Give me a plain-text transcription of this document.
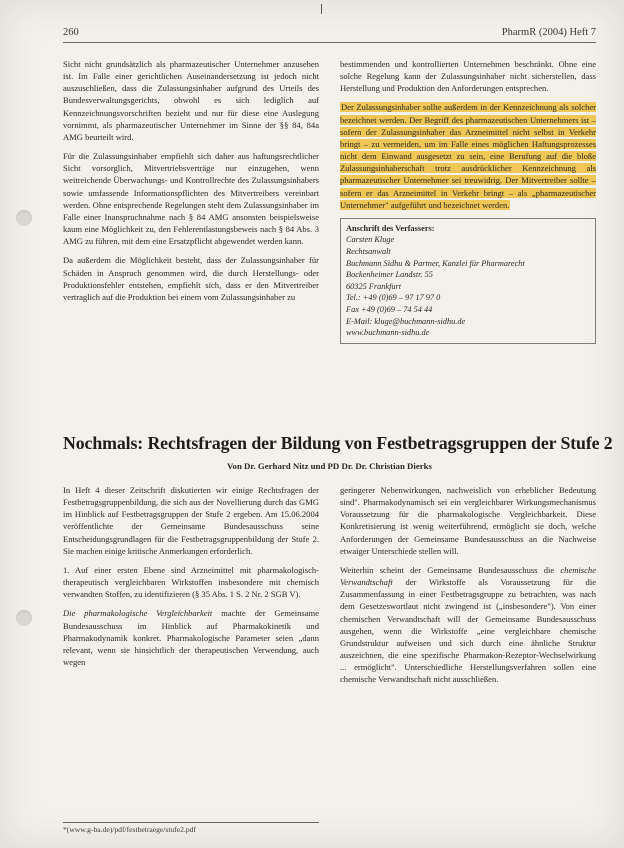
260	PharmR (2004) Heft 7

Sicht nicht grundsätzlich als pharmazeutischer Unternehmer anzusehen ist. Im Falle einer gerichtlichen Auseinandersetzung ist jedoch nicht auszuschließen, dass die Zulassungsinhaber aufgrund des Urteils des Bundesverwaltungsgerichts, obwohl es sich lediglich auf Kennzeichnungsvorschriften bezieht und nur für diese eine Auslegung vornimmt, als pharmazeutischer Unternehmer im Sinne der §§ 84, 84a AMG beurteilt wird.

Für die Zulassungsinhaber empfiehlt sich daher aus haftungsrechtlicher Sicht vorsorglich, Mitvertriebsverträge nur einzugehen, wenn weitreichende Überwachungs- und Kontrollrechte des Zulassungsinhabers sowie umfassende Informationspflichten des Mitvertreibers vereinbart werden. Ohne entsprechende Regelungen steht dem Zulassungsinhaber im Falle einer Inanspruchnahme nach § 84 AMG ansonsten beispielsweise kaum eine Möglichkeit zu, den Fehlerentlastungsbeweis nach § 84 Abs. 3 AMG zu führen, mit dem eine Ersatzpflicht abgewendet werden kann.

Da außerdem die Möglichkeit besteht, dass der Zulassungsinhaber für Schäden in Anspruch genommen wird, die durch Herstellungs- oder Produktionsfehler entstehen, empfiehlt sich, dass er den Mitvertreiber vertraglich auf die Produktion bei einem vom Zulassungsinhaber zu

bestimmenden und kontrollierten Unternehmen beschränkt. Ohne eine solche Regelung kann der Zulassungsinhaber nicht sicherstellen, dass Herstellung und Produktion den Anforderungen entsprechen.

Der Zulassungsinhaber sollte außerdem in der Kennzeichnung als solcher bezeichnet werden. Der Begriff des pharmazeutischen Unternehmers ist – sofern der Zulassungsinhaber das Arzneimittel nicht selbst in Verkehr bringt – zu vermeiden, um im Falle eines möglichen Haftungsprozesses nicht dem Einwand ausgesetzt zu sein, eine Berufung auf die bloße Zulassungsinhaberschaft trotz ausdrücklicher Kennzeichnung als pharmazeutischer Unternehmer sei treuwidrig. Der Mitvertreiber sollte – sofern er das Arzneimittel in Verkehr bringt – als „pharmazeutischer Unternehmer" aufgeführt und bezeichnet werden.

Anschrift des Verfassers:
Carsten Kluge
Rechtsanwalt
Buchmann Sidhu & Partner, Kanzlei für Pharmarecht
Bockenheimer Landstr. 55
60325 Frankfurt
Tel.: +49 (0)69 – 97 17 97 0
Fax +49 (0)69 – 74 54 44
E-Mail: kluge@buchmann-sidhu.de
www.buchmann-sidhu.de
Nochmals: Rechtsfragen der Bildung von Festbetragsgruppen der Stufe 2
Von Dr. Gerhard Nitz und PD Dr. Dr. Christian Dierks

In Heft 4 dieser Zeitschrift diskutierten wir einige Rechtsfragen der Festbetragsgruppenbildung, die sich aus der Novellierung durch das GMG im Hinblick auf Festbetragsgruppen der Stufe 2 ergeben. Am 15.06.2004 veröffentlichte der Gemeinsame Bundesausschuss seine Entscheidungsgrundlagen für die Festbetragsgruppenbildung der Stufe 2. Sie machen einige kritische Anmerkungen erforderlich.

1. Auf einer ersten Ebene sind Arzneimittel mit pharmakologisch-therapeutisch vergleichbaren Wirkstoffen insbesondere mit chemisch verwandten Stoffen, zu identifizieren (§ 35 Abs. 1 S. 2 Nr. 2 SGB V).

Die pharmakologische Vergleichbarkeit machte der Gemeinsame Bundesausschuss im Hinblick auf Pharmakokinetik und Pharmakodynamik konkret. Pharmakologische Parameter seien „dann relevant, wenn sie hinsichtlich der therapeutischen Verwendung, auch wegen

geringerer Nebenwirkungen, nachweislich von erheblicher Bedeutung sind". Pharmakodynamisch sei ein vergleichbarer Wirkungsmechanismus Voraussetzung für die pharmakologische Vergleichbarkeit. Diese Konkretisierung ist wenig weiterführend, ermöglicht sie doch, welche Anforderungen der Gemeinsame Bundesausschuss an die Nachweise etwaiger Unterschiede stellen will.

Weiterhin scheint der Gemeinsame Bundesausschuss die chemische Verwandtschaft der Wirkstoffe als Voraussetzung für die Zusammenfassung in einer Festbetragsgruppe zu betrachten, was nach dem Gesetzeswortlaut nicht zwingend ist („insbesondere"). Von einer chemischen Verwandtschaft will der Gemeinsame Bundesausschuss ausgehen, wenn die Wirkstoffe „eine vergleichbare chemische Grundstruktur aufweisen und sich durch eine ähnliche Struktur auszeichnen, die eine spezifische Pharmakon-Rezeptor-Wechselwirkung ... ermöglicht". Unterschiedliche Herstellungsverfahren sollen eine chemische Verwandtschaft nicht ausschließen.

*(www.g-ba.de)/pdf/festbetraege/stufe2.pdf
